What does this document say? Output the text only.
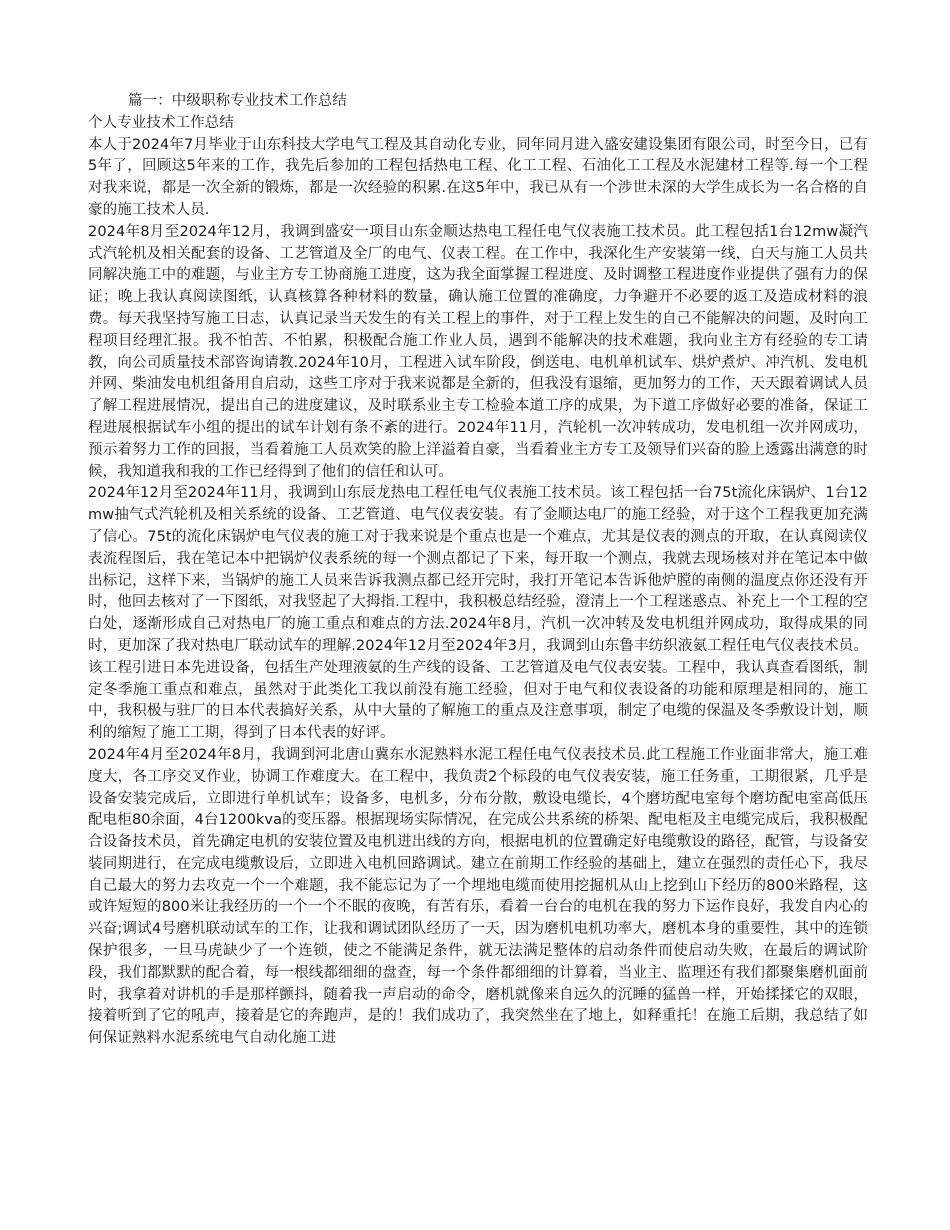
篇一：中级职称专业技术工作总结

个人专业技术工作总结

本人于2024年7月毕业于山东科技大学电气工程及其自动化专业，同年同月进入盛安建设集团有限公司，时至今日，已有5年了，回顾这5年来的工作，我先后参加的工程包括热电工程、化工工程、石油化工工程及水泥建材工程等.每一个工程对我来说，都是一次全新的锻炼，都是一次经验的积累.在这5年中，我已从有一个涉世未深的大学生成长为一名合格的自豪的施工技术人员.

2024年8月至2024年12月，我调到盛安一项目山东金顺达热电工程任电气仪表施工技术员。此工程包括1台12mw凝汽式汽轮机及相关配套的设备、工艺管道及全厂的电气、仪表工程。在工作中，我深化生产安装第一线，白天与施工人员共同解决施工中的难题，与业主方专工协商施工进度，这为我全面掌握工程进度、及时调整工程进度作业提供了强有力的保证；晚上我认真阅读图纸，认真核算各种材料的数量，确认施工位置的准确度，力争避开不必要的返工及造成材料的浪费。每天我坚持写施工日志，认真记录当天发生的有关工程上的事件，对于工程上发生的自己不能解决的问题，及时向工程项目经理汇报。我不怕苦、不怕累，积极配合施工作业人员，遇到不能解决的技术难题，我向业主方有经验的专工请教，向公司质量技术部咨询请教.2024年10月，工程进入试车阶段，倒送电、电机单机试车、烘炉煮炉、冲汽机、发电机并网、柴油发电机组备用自启动，这些工序对于我来说都是全新的，但我没有退缩，更加努力的工作，天天跟着调试人员了解工程进展情况，提出自己的进度建议，及时联系业主专工检验本道工序的成果，为下道工序做好必要的准备，保证工程进展根据试车小组的提出的试车计划有条不紊的进行。2024年11月，汽轮机一次冲转成功，发电机组一次并网成功，预示着努力工作的回报，当看着施工人员欢笑的脸上洋溢着自豪，当看着业主方专工及领导们兴奋的脸上透露出满意的时候，我知道我和我的工作已经得到了他们的信任和认可。

2024年12月至2024年11月，我调到山东辰龙热电工程任电气仪表施工技术员。该工程包括一台75t流化床锅炉、1台12mw抽气式汽轮机及相关系统的设备、工艺管道、电气仪表安装。有了金顺达电厂的施工经验，对于这个工程我更加充满了信心。75t的流化床锅炉电气仪表的施工对于我来说是个重点也是一个难点，尤其是仪表的测点的开取，在认真阅读仪表流程图后，我在笔记本中把锅炉仪表系统的每一个测点都记了下来，每开取一个测点，我就去现场核对并在笔记本中做出标记，这样下来，当锅炉的施工人员来告诉我测点都已经开完时，我打开笔记本告诉他炉膛的南侧的温度点你还没有开时，他回去核对了一下图纸，对我竖起了大拇指.工程中，我积极总结经验，澄清上一个工程迷惑点、补充上一个工程的空白处，逐渐形成自己对热电厂的施工重点和难点的方法.2024年8月，汽机一次冲转及发电机组并网成功，取得成果的同时，更加深了我对热电厂联动试车的理解.2024年12月至2024年3月，我调到山东鲁丰纺织液氨工程任电气仪表技术员。该工程引进日本先进设备，包括生产处理液氨的生产线的设备、工艺管道及电气仪表安装。工程中，我认真查看图纸，制定冬季施工重点和难点，虽然对于此类化工我以前没有施工经验，但对于电气和仪表设备的功能和原理是相同的，施工中，我积极与驻厂的日本代表搞好关系，从中大量的了解施工的重点及注意事项，制定了电缆的保温及冬季敷设计划，顺利的缩短了施工工期，得到了日本代表的好评。

2024年4月至2024年8月，我调到河北唐山冀东水泥熟料水泥工程任电气仪表技术员.此工程施工作业面非常大，施工难度大，各工序交叉作业，协调工作难度大。在工程中，我负责2个标段的电气仪表安装，施工任务重，工期很紧，几乎是设备安装完成后，立即进行单机试车；设备多，电机多，分布分散，敷设电缆长，4个磨坊配电室每个磨坊配电室高低压配电柜80余面，4台1200kva的变压器。根据现场实际情况，在完成公共系统的桥架、配电柜及主电缆完成后，我积极配合设备技术员，首先确定电机的安装位置及电机进出线的方向，根据电机的位置确定好电缆敷设的路径，配管，与设备安装同期进行，在完成电缆敷设后，立即进入电机回路调试。建立在前期工作经验的基础上，建立在强烈的责任心下，我尽自己最大的努力去攻克一个一个难题，我不能忘记为了一个埋地电缆而使用挖掘机从山上挖到山下经历的800米路程，这或许短短的800米让我经历的一个一个不眠的夜晚，有苦有乐，看着一台台的电机在我的努力下运作良好，我发自内心的兴奋;调试4号磨机联动试车的工作，让我和调试团队经历了一天，因为磨机电机功率大，磨机本身的重要性，其中的连锁保护很多，一旦马虎缺少了一个连锁，使之不能满足条件，就无法满足整体的启动条件而使启动失败，在最后的调试阶段，我们都默默的配合着，每一根线都细细的盘查，每一个条件都细细的计算着，当业主、监理还有我们都聚集磨机面前时，我拿着对讲机的手是那样颤抖，随着我一声启动的命令，磨机就像来自远久的沉睡的猛兽一样，开始揉揉它的双眼，接着听到了它的吼声，接着是它的奔跑声，是的！我们成功了，我突然坐在了地上，如释重托！在施工后期，我总结了如何保证熟料水泥系统电气自动化施工进
